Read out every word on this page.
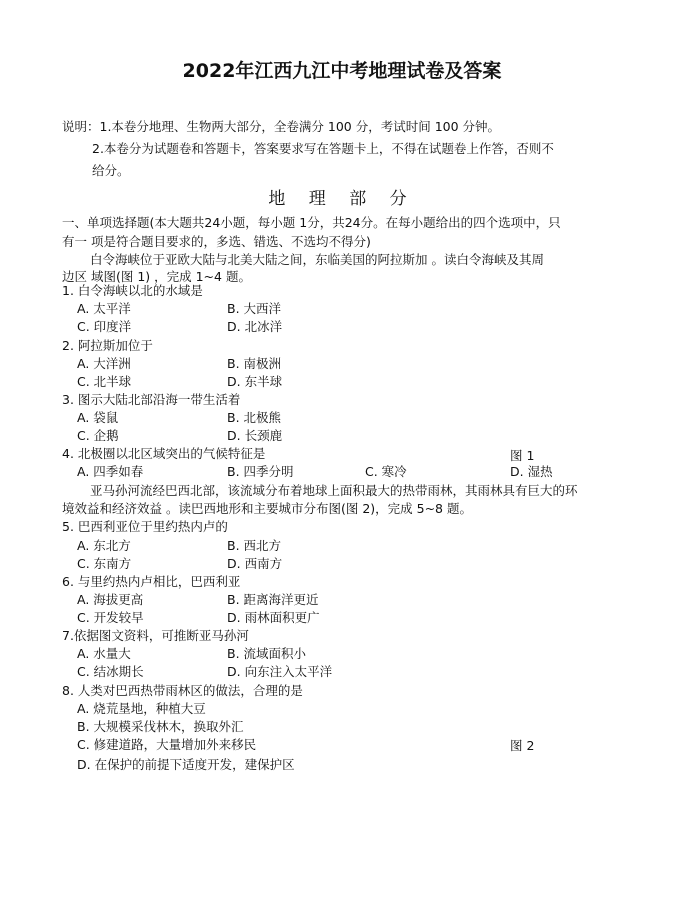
2022年江西九江中考地理试卷及答案
说明：1.本卷分地理、生物两大部分，全卷满分 100 分，考试时间 100 分钟。
2.本卷分为试题卷和答题卡，答案要求写在答题卡上，不得在试题卷上作答，否则不
给分。
地 理 部 分
一、单项选择题(本大题共24小题，每小题 1分，共24分。在每小题给出的四个选项中，只
有一 项是符合题目要求的，多选、错选、不选均不得分)
白令海峡位于亚欧大陆与北美大陆之间，东临美国的阿拉斯加 。读白令海峡及其周
边区 域图(图 1) ，完成 1~4 题。
1. 白令海峡以北的水域是
A. 太平洋	B. 大西洋
C. 印度洋	D. 北冰洋
2. 阿拉斯加位于
A. 大洋洲	B. 南极洲
C. 北半球	D. 东半球
3. 图示大陆北部沿海一带生活着
A. 袋鼠	B. 北极熊
C. 企鹅	D. 长颈鹿
4. 北极圈以北区域突出的气候特征是	图 1
A. 四季如春	B. 四季分明	C. 寒冷	D. 湿热
亚马孙河流经巴西北部，该流域分布着地球上面积最大的热带雨林，其雨林具有巨大的环
境效益和经济效益 。读巴西地形和主要城市分布图(图 2)，完成 5~8 题。
5. 巴西利亚位于里约热内卢的
A. 东北方	B. 西北方
C. 东南方	D. 西南方
6. 与里约热内卢相比，巴西利亚
A. 海拔更高	B. 距离海洋更近
C. 开发较早	D. 雨林面积更广
7.依据图文资料，可推断亚马孙河
A. 水量大	B. 流域面积小
C. 结冰期长	D. 向东注入太平洋
8. 人类对巴西热带雨林区的做法，合理的是
A. 烧荒垦地，种植大豆
B. 大规模采伐林木，换取外汇
C. 修建道路，大量增加外来移民	图 2
D. 在保护的前提下适度开发，建保护区
